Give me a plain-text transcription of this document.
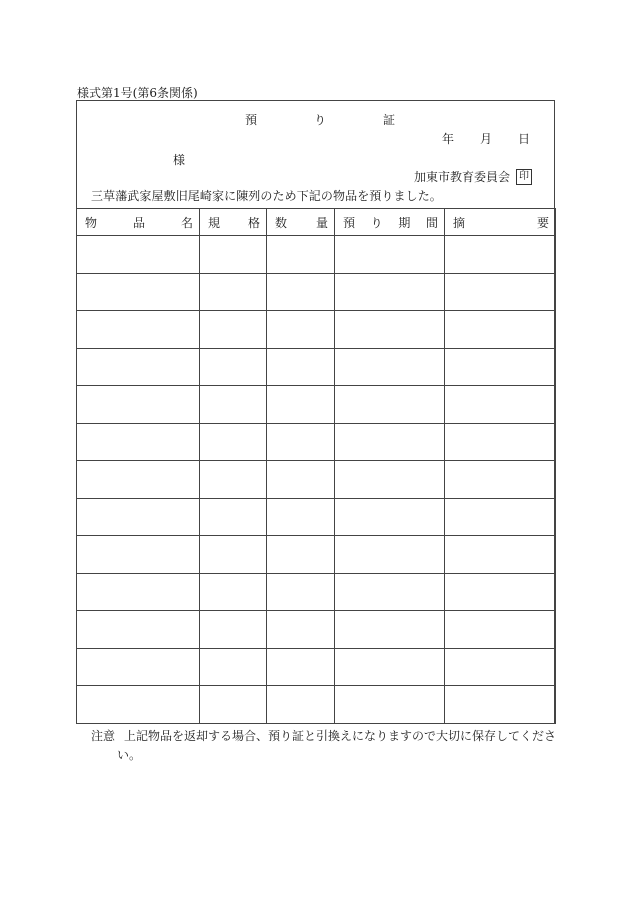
様式第1号(第6条関係)
預	り	証
年	月	日
様
加東市教育委員会 印
三草藩武家屋敷旧尾崎家に陳列のため下記の物品を預りました。
物 品 名	規 格	数 量	預 り 期 間	摘 要

注意 上記物品を返却する場合、預り証と引換えになりますので大切に保存してくださ
い。
